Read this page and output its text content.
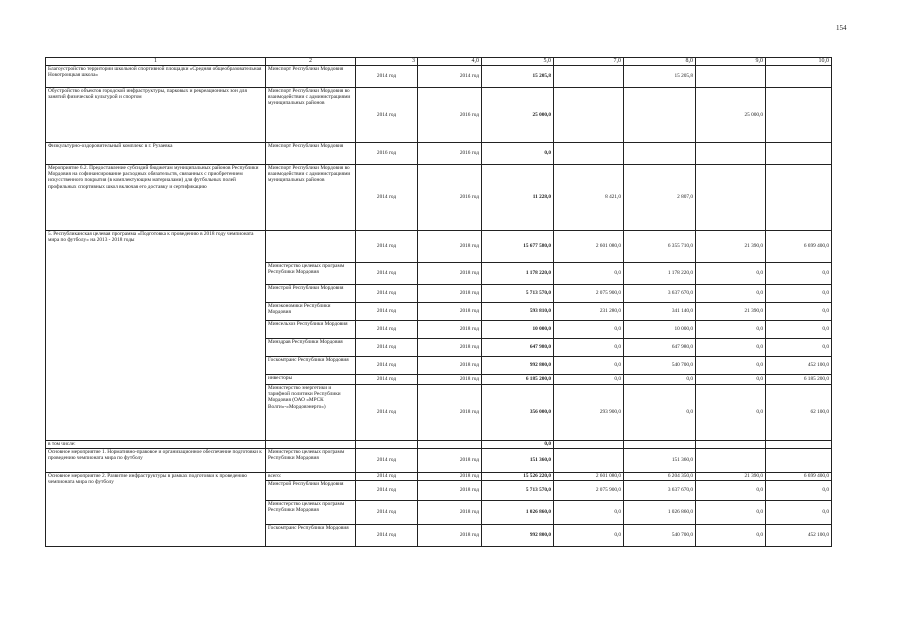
154
1	2	3	4,0	5,0	7,0	8,0	9,0	10,0
Благоустройство территории школьной спортивной площадки «Средняя общеобразовательная Новотроицкая школа»	Минспорт Республики Мордовия	2014 год	2014 год	15 205,8		15 205,8		
Обустройство объектов городской инфраструктуры, парковых и рекреационных зон для занятий физической культурой и спортом	Минспорт Республики Мордовия во взаимодействии с администрациями муниципальных районов	2014 год	2016 год	25 000,0			25 000,0	
Физкультурно-оздоровительный комплекс в г. Рузаевка	Минспорт Республики Мордовия	2016 год	2016 год	0,0				
Мероприятие 6.2. Предоставление субсидий бюджетам муниципальных районов Республики Мордовия на софинансирование расходных обязательств, связанных с приобретением искусственного покрытия (в комплектующим материалами) для футбольных полей профильных спортивных школ включая его доставку и сертификацию	Минспорт Республики Мордовия во взаимодействии с администрациями муниципальных районов	2014 год	2016 год	11 228,0	8 421,0	2 807,0		
5. Республиканская целевая программа «Подготовка к проведению в 2018 году чемпионата мира по футболу» на 2013 - 2018 годы		2014 год	2018 год	15 677 580,0	2 601 080,0	6 355 710,0	21 390,0	6 699 400,0
	Министерство целевых программ Республики Мордовия	2014 год	2018 год	1 178 220,0	0,0	1 178 220,0	0,0	0,0
	Минстрой Республики Мордовия	2014 год	2018 год	5 713 570,0	2 075 900,0	3 637 670,0	0,0	0,0
	Минэкономики Республики Мордовия	2014 год	2018 год	593 810,0	231 280,0	341 140,0	21 390,0	0,0
	Минсельхоз Республики Мордовия	2014 год	2018 год	10 000,0	0,0	10 000,0	0,0	0,0
	Минздрав Республики Мордовия	2014 год	2018 год	647 980,0	0,0	647 980,0	0,0	0,0
	Госкомтранс Республики Мордовия	2014 год	2018 год	992 800,0	0,0	540 700,0	0,0	452 100,0
	инвесторы	2014 год	2018 год	6 185 200,0	0,0	0,0	0,0	6 185 200,0
	Министерство энергетики и тарифной политики Республики Мордовия (ОАО «МРСК Волги»-«Мордовэнерго»)	2014 год	2018 год	356 000,0	293 900,0	0,0	0,0	62 100,0
в том числе:				0,0				
Основное мероприятие 1. Нормативно-правовое и организационное обеспечение подготовки к проведению чемпионата мира по футболу	Министерство целевых программ Республики Мордовия	2014 год	2018 год	151 360,0		151 360,0		
Основное мероприятие 2. Развитие инфраструктуры в рамках подготовки к проведению чемпионата мира по футболу	всего:	2014 год	2018 год	15 526 220,0	2 601 080,0	6 204 350,0	21 390,0	6 699 400,0
	Минстрой Республики Мордовия	2014 год	2018 год	5 713 570,0	2 075 900,0	3 637 670,0	0,0	0,0
	Министерство целевых программ Республики Мордовия	2014 год	2018 год	1 026 860,0	0,0	1 026 860,0	0,0	0,0
	Госкомтранс Республики Мордовия	2014 год	2018 год	992 800,0	0,0	540 700,0	0,0	452 100,0
